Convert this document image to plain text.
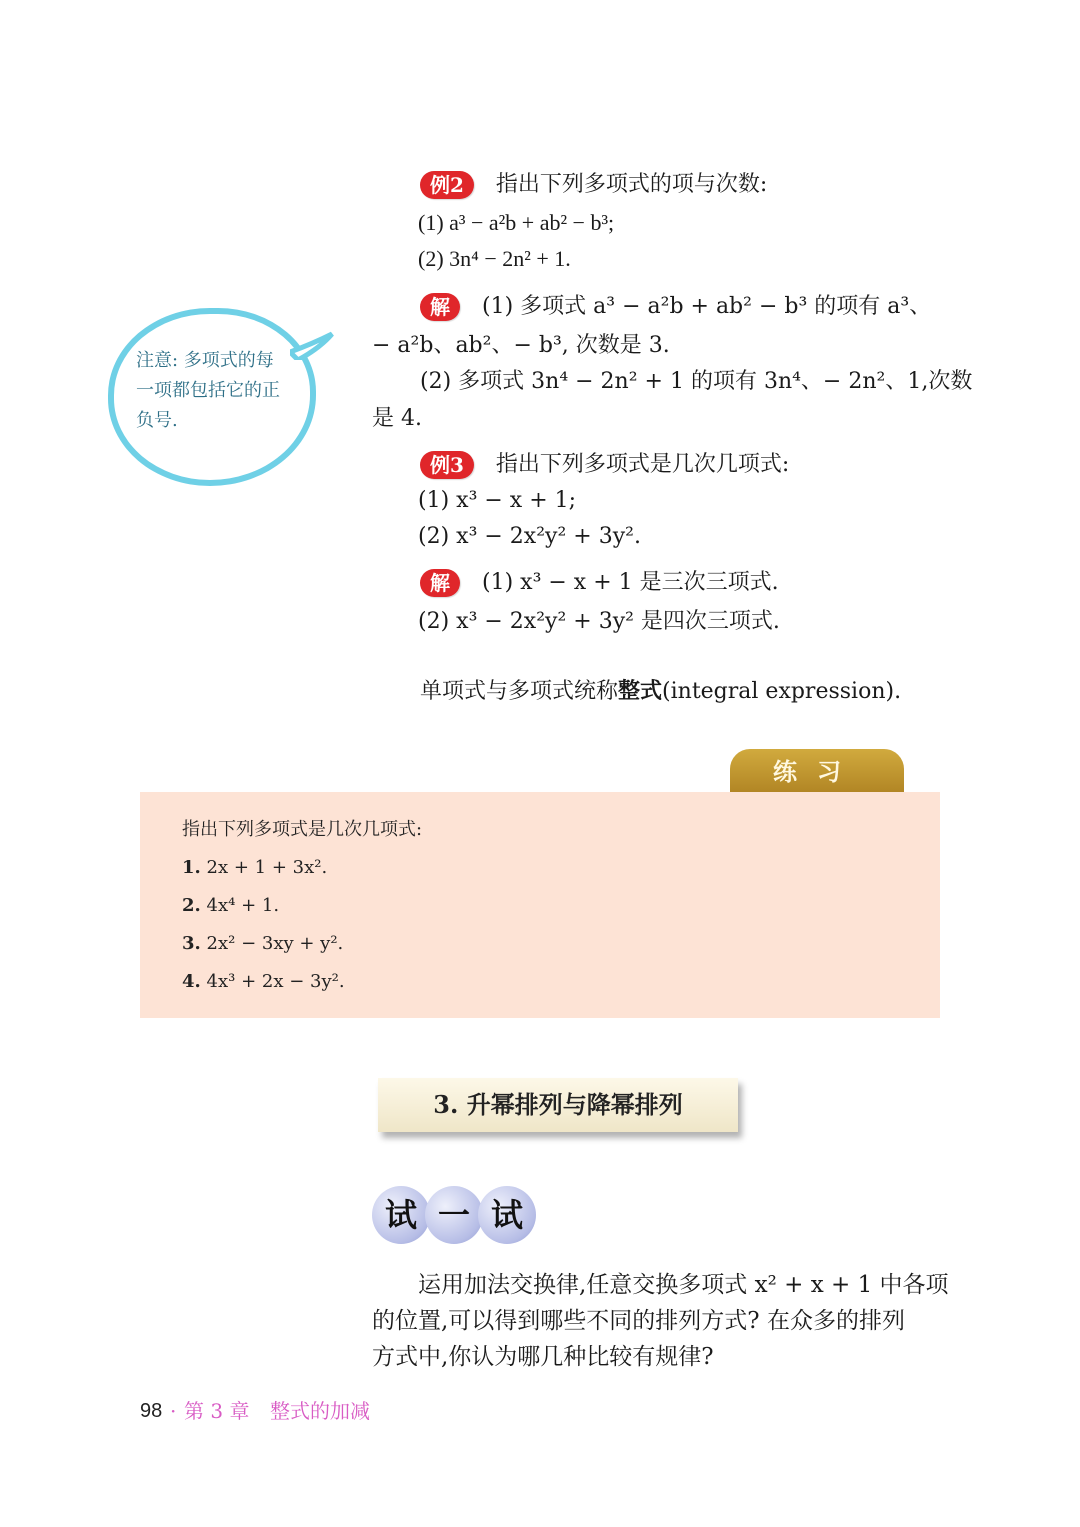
例2 指出下列多项式的项与次数:
(1) a³ − a²b + ab² − b³;
(2) 3n⁴ − 2n² + 1.
解 (1) 多项式 a³ − a²b + ab² − b³ 的项有 a³、
− a²b、ab²、− b³, 次数是 3.
(2) 多项式 3n⁴ − 2n² + 1 的项有 3n⁴、− 2n²、1,次数
是 4.
注意: 多项式的每一项都包括它的正负号.
例3 指出下列多项式是几次几项式:
(1) x³ − x + 1;
(2) x³ − 2x²y² + 3y².
解 (1) x³ − x + 1 是三次三项式.
(2) x³ − 2x²y² + 3y² 是四次三项式.
单项式与多项式统称整式(integral expression).
练习
指出下列多项式是几次几项式:
1. 2x + 1 + 3x².
2. 4x⁴ + 1.
3. 2x² − 3xy + y².
4. 4x³ + 2x − 3y².
3. 升幂排列与降幂排列
试 一 试
运用加法交换律,任意交换多项式 x² + x + 1 中各项
的位置,可以得到哪些不同的排列方式? 在众多的排列
方式中,你认为哪几种比较有规律?
98 · 第 3 章 整式的加减
